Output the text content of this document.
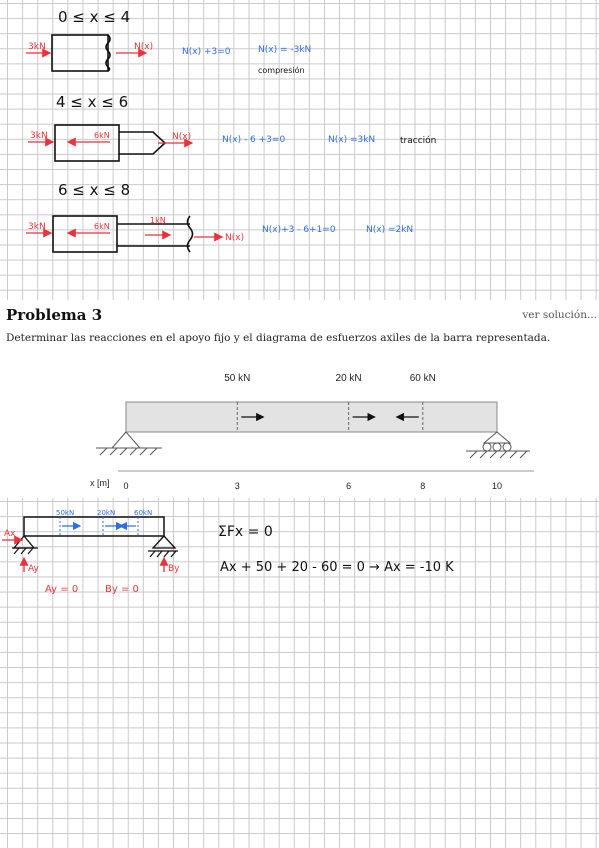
0 ≤ x ≤ 4
3kN	N(x)	N(x) +3=0	N(x) = -3kN
compresión
4 ≤ x ≤ 6
3kN	6kN	N(x)	N(x) - 6 +3=0	N(x) =3kN	tracción
6 ≤ x ≤ 8
3kN	6kN
1kN
N(x)
N(x)+3 - 6+1=0	N(x) =2kN
Problema 3	ver solución...
Determinar las reacciones en el apoyo fijo y el diagrama de esfuerzos axiles de la barra representada.
50 kN	20 kN	60 kN
x [m] 0	3	6	8	10
50kN	20kN	60kN
Ax
Ay	By
Ay = 0	By = 0
ΣFx = 0
Ax + 50 + 20 - 60 = 0 → Ax = -10 K
